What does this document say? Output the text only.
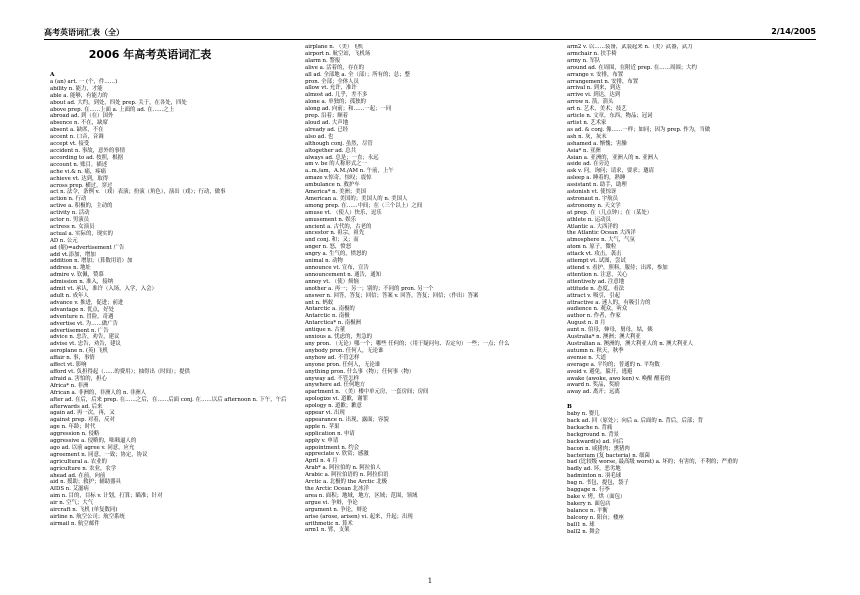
高考英语词汇表（全）	2/14/2005
2006 年高考英语词汇表
A
a (an) art. 一 (个，件……)
ability n. 能力，才能
able a. 能够，有能力的
about ad. 大约，到处，四处 prep. 关于，在各处，四处
above prep. 在……上面 a. 上面的 ad. 在……之上
abroad ad. 到（在）国外
absence n. 不在，缺席
absent a. 缺席，不在
accent n. 口音，音调
accept vt. 接受
accident n. 事故，意外的事情
according to ad. 按照，根据
account n. 账目，描述
ache vi.& n. 痛，疼痛
achieve vt. 达到，取得
across prep. 横过，穿过
act n. 法令，条例 v. （戏）表演；扮演（角色），演出（戏）；行动，做事
action n. 行动
active a. 积极的，主动的
activity n. 活动
actor n. 男演员
actress n. 女演员
actual a. 实际的，现实的
AD n. 公元
ad (缩)=advertisement 广告
add vt.添加，增加
addition n. 增加；（算数用语）加
address n. 地址
admire v. 钦佩，赞慕
admission n. 准入，接纳
admit vt. 承认，准许（入场，入学，入会）
adult n. 成年人
advance v. 推进，促进；前进
advantage n. 优点，好处
adventure n. 冒险，奇遇
advertise vt. 为……做广告
advertisement n. 广告
advice n. 忠告，劝告，建议
advise vt. 忠告，劝告，建议
aeroplane n. (英) 飞机
affair n. 事，事情
affect vt. 影响
afford vt. 负担得起（……的费用）；抽得出（时间）；提供
afraid a. 害怕的，担心
Africa* n. 非洲
African a. 非洲的，非洲人的 n. 非洲人
after ad. 在后，后来 prep. 在……之后，在……后面 conj. 在……以后 afternoon n. 下午，午后
afterwards ad. 后来
again ad. 再一次，再，又
against prep. 对着，反对
age n. 年龄；时代
aggression n. 侵略
aggressive a. 侵略的，咄咄逼人的
ago ad. 以前 agree v. 同意，应允
agreement n. 同意，一致；协定，协议
agricultural a. 农业的
agriculture n. 农业，农学
ahead ad. 在前，向前
aid n. 援助；救护；辅助器具
AIDS n. 艾滋病
aim n. 目的，目标 v. 计划，打算；瞄准；针对
air n. 空气；大气
aircraft n. 飞机 (单复数同)
airline n. 航空公司；航空系统
airmail n. 航空邮件
airplane n. （美）飞机
airport n. 航空站，飞机场
alarm n. 警报
alive a. 活着的，存在的
all ad. 全部地 a. 全（部）；所有的；总；整
pron. 全部；全体人员
allow vt. 允许，准许
almost ad. 几乎，差不多
alone a. 单独的；孤独的
along ad. 向前；和……一起；一同
prep. 沿着；顺着
aloud ad. 大声地
already ad. 已经
also ad. 也
although conj. 虽然，尽管
altogether ad. 总共
always ad. 总是；一直；永远
am v. be 的人称形式之一
a..m./am，A.M./AM n. 午前，上午
amaze v.惊奇，惊叹；震惊
ambulance n. 救护车
America* n. 美洲；美国
American a. 美国的；美国人的 n. 美国人
among prep. 在……中间；在（三个以上）之间
amuse vt. （使人）快乐，逗乐
amusement n. 娱乐
ancient a. 古代的，古老的
ancestor n. 祖宗，祖先
and conj. 和；又；而
anger n. 怒，愤怒
angry a. 生气的，愤怒的
animal n. 动物
announce vt. 宣布，宣告
announcement n. 通告，通知
annoy vt. （使）烦恼
another a. 再一；另一；别的；不同的 pron. 另一个
answer n. 回答，答复；回信；答案 v. 回答，答复；回信；（作出）答案
ant n. 蚂蚁
Antarctic a. 南极的
Antarctic n. 南极
Antarctica* n. 南极洲
antique n. 古董
anxious a. 忧虑的，焦急的
any pron. （无论）哪一个；哪些 任何的；（用于疑问句、否定句）一些；一点；什么
anybody pron. 任何人，无论谁
anyhow ad. 不管怎样
anyone pron. 任何人，无论谁
anything pron. 什么事（物）；任何事（物）
anyway ad. 不管怎样
anywhere ad. 任何地方
apartment n. （美）楼中单元房，一套房间；房间
apologize vi. 道歉，谢罪
apology n. 道歉；歉意
appear vi. 出现
appearance n. 出现，露面；容貌
apple n. 苹果
application n. 申请
apply v. 申请
appointment n. 约会
appreciate v. 欣赏；感激
April n. 4 月
Arab* a. 阿拉伯的 n. 阿拉伯人
Arabic a. 阿拉伯语的 n. 阿拉伯语
Arctic a. 北极的 the Arctic 北极
the Arctic Ocean 北冰洋
area n. 面积；地域，地方，区域；范围，领域
argue vi. 争辩，争论
argument n. 争论，辩论
arise (arose, arisen) vi. 起来，升起；出现
arithmetic n. 算术
arm1 n. 臂，支架
arm2 v. 以……装备，武装起来 n.（美）武器，武力
armchair n. 扶手椅
army n. 军队
around ad. 在周围，在附近 prep. 在……周围；大约
arrange v. 安排，布置
arrangement n. 安排，布置
arrival n. 到来，到达
arrive vi. 到达，达到
arrow n. 箭，箭头
art n. 艺术，美术；技艺
article n. 文章，东西，物品；冠词
artist n. 艺术家
as ad. & conj. 像……一样；如同；因为 prep. 作为，当做
ash n. 灰，灰末
ashamed a. 惭愧；害臊
Asia* n. 亚洲
Asian a. 亚洲的，亚洲人的 n. 亚洲人
aside ad. 在旁边
ask v. 问，询问；请求，要求；邀请
asleep a. 睡着的，熟睡
assistant n. 助手，助理
astonish vt. 使惊讶
astronaut n. 宇航员
astronomy n. 天文学
at prep. 在（几点钟）；在（某处）
athlete n. 运动员
Atlantic a. 大西洋的
the Atlantic Ocean 大西洋
atmosphere n. 大气，气氛
atom n. 原子，微粒
attack vt. 攻击，袭击
attempt vt. 试图，尝试
attend v. 看护，照料，服侍；出席，参加
attention n. 注意，关心
attentively ad. 注意地
attitude n. 态度，看法
attract v. 吸引，引起
attractive a. 迷人的，有吸引力的
audience n. 观众，听众
author n. 作者，作家
August n. 8 月
aunt n. 伯母，婶母，舅母，姑，姨
Australia* n. 澳洲；澳大利亚
Australian a. 澳洲的，澳大利亚人的 n. 澳大利亚人
autumn n. 秋天，秋季
avenue n. 大道
average a. 平均的；普通的 n. 平均数
avoid v. 避免，躲开，逃避
awake (awoke, awo ken) v. 唤醒 醒着的
award n. 奖品，奖励
away ad. 离开；远离
B
baby n. 婴儿
back ad. 回（原处）；向后 a. 后面的 n. 背后，后部；背
backache n. 背痛
background n. 背景
backward(s) ad. 向后
bacon n. 咸猪肉；熏猪肉
bacterium (复 bacteria) n. 细菌
bad (比较级 worse, 最高级 worst) a. 坏的；有害的，不利的；严重的
badly ad. 坏，恶劣地
badminton n. 羽毛球
bag n. 书包，提包，袋子
baggage n. 行李
bake v. 烤，烘（面包）
bakery n. 面包店
balance n. 平衡
balcony n. 阳台；楼座
ball1 n. 球
ball2 n. 舞会
1
